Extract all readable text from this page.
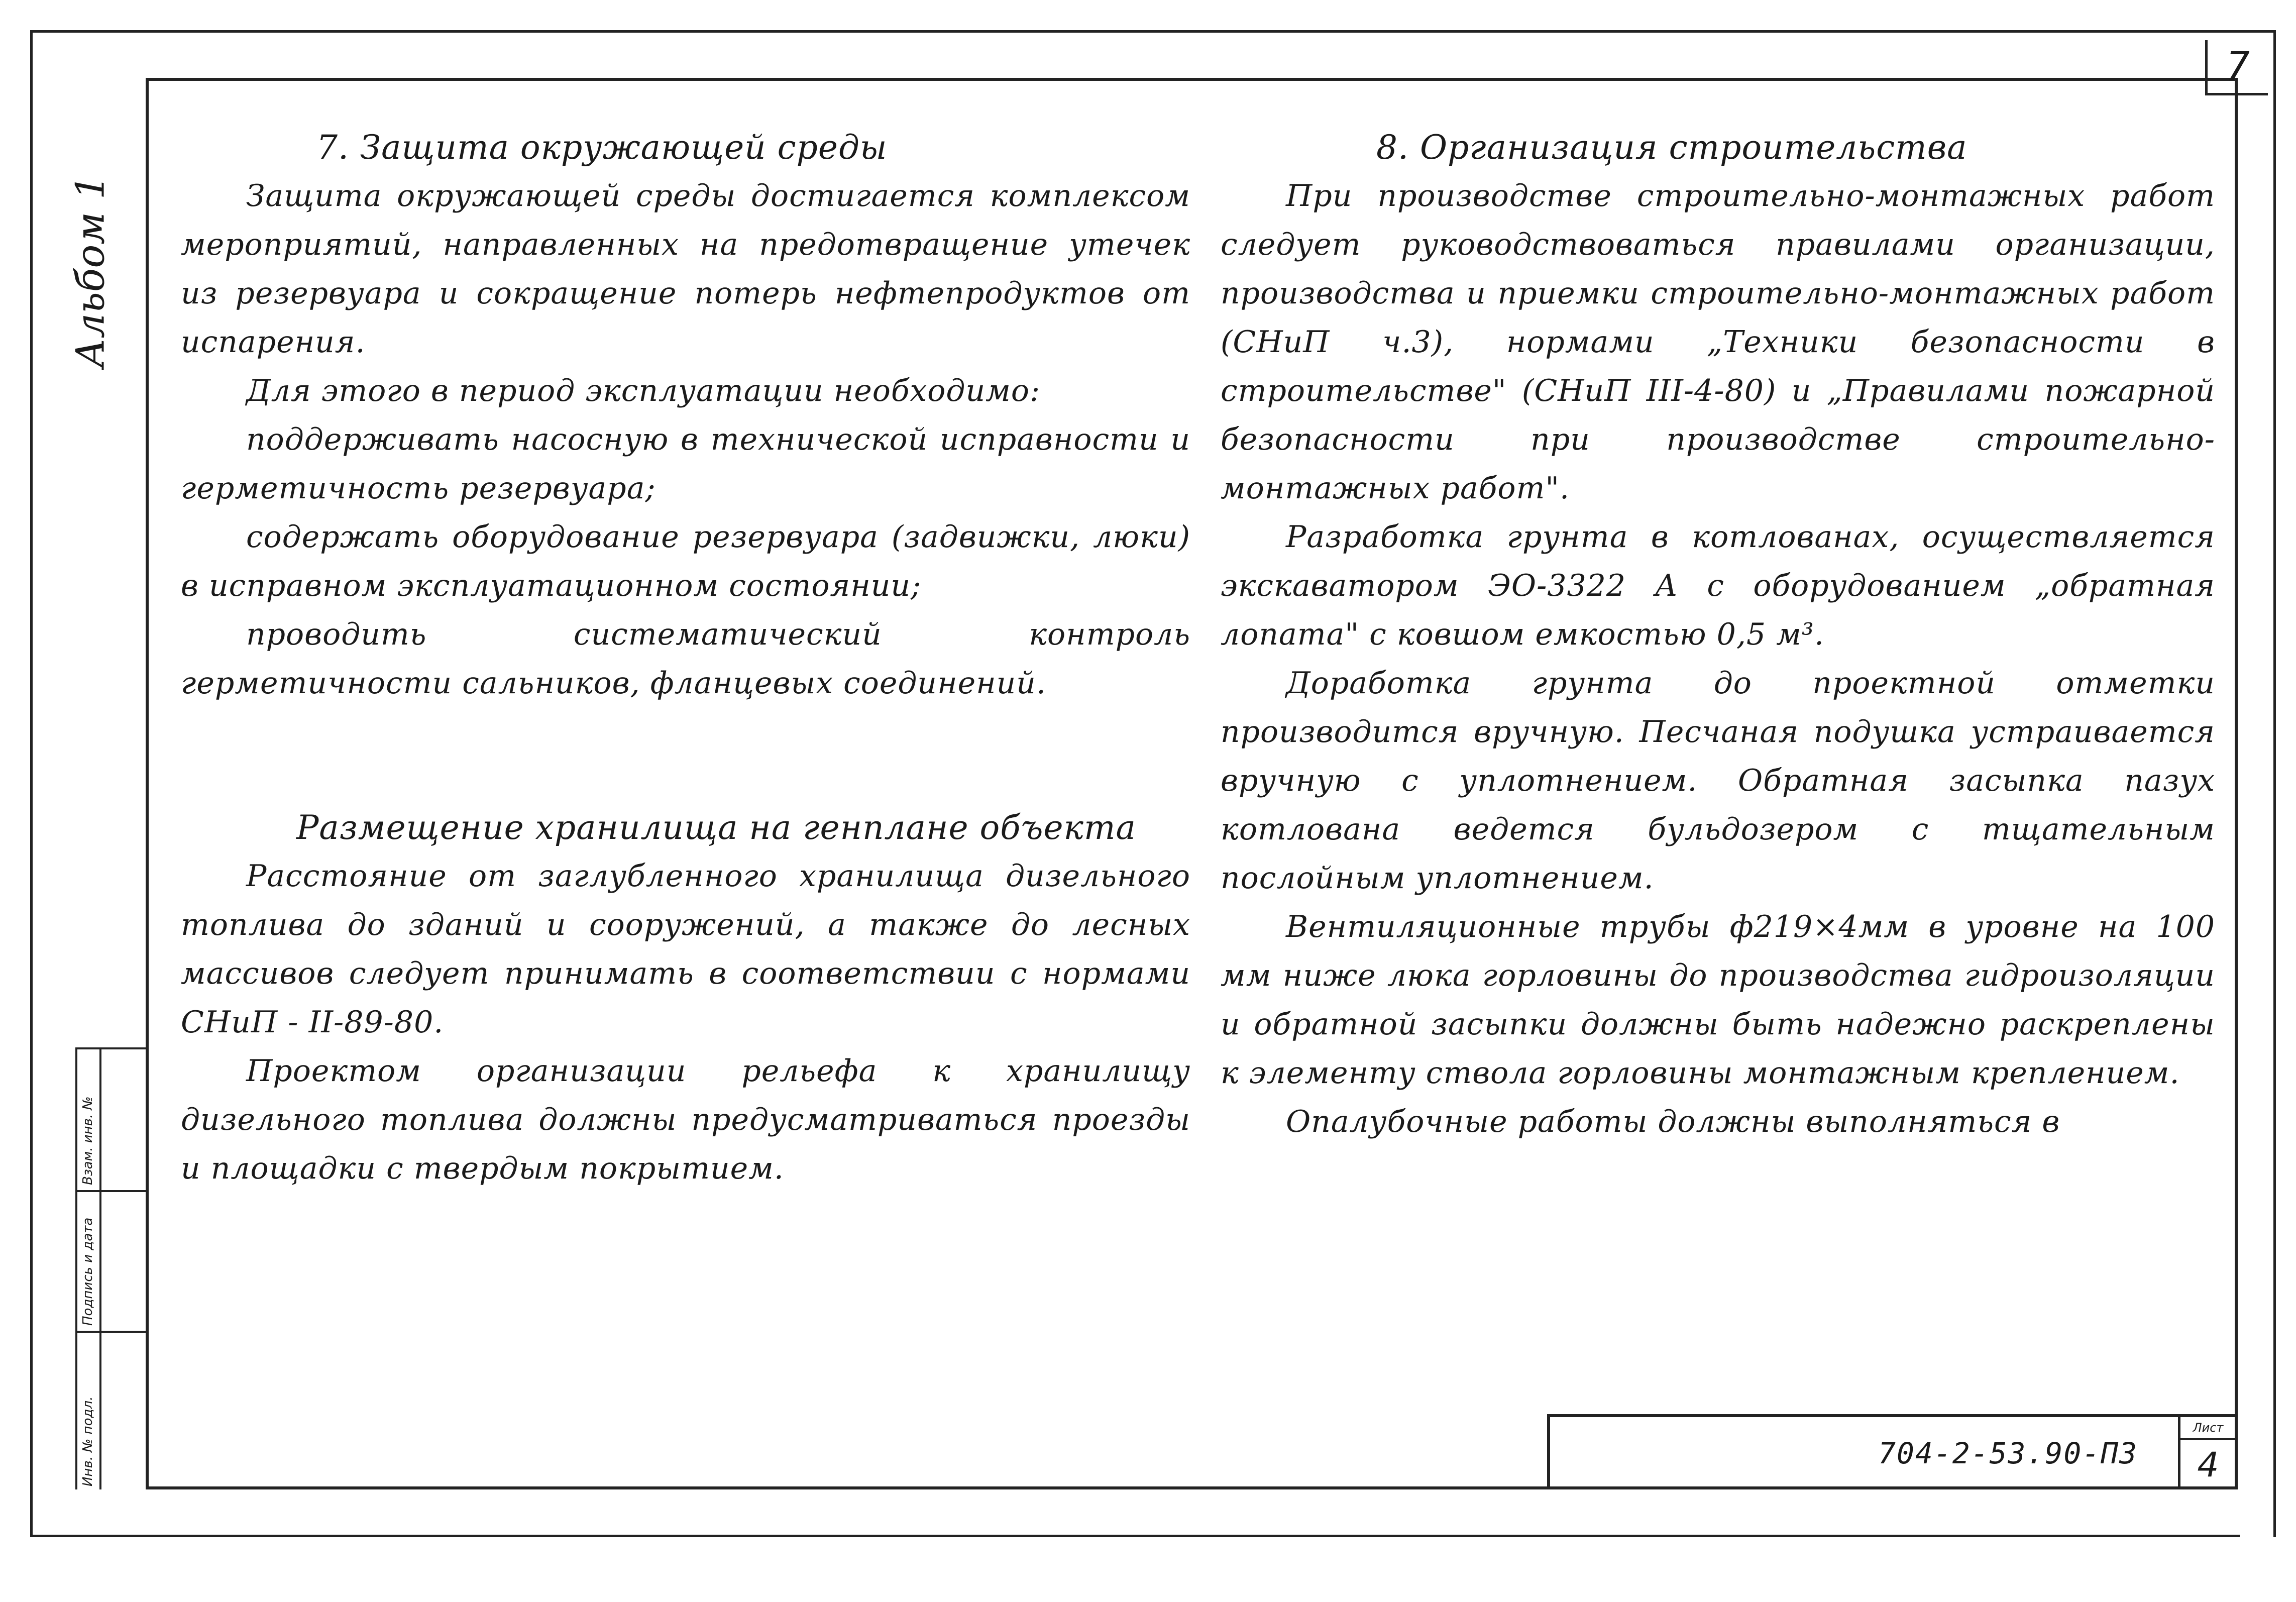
7
Альбом 1
Взам. инв. №
Подпись и дата
Инв. № подл.
7. Защита окружающей среды

Защита окружающей среды достигается комплексом мероприятий, направленных на предотвращение утечек из резервуара и сокращение потерь нефтепродуктов от испарения.

Для этого в период эксплуатации необходимо:

поддерживать насосную в технической исправности и герметичность резервуара;

содержать оборудование резервуара (задвижки, люки) в исправном эксплуатационном состоянии;

проводить систематический контроль герметичности сальников, фланцевых соединений.

Размещение хранилища на генплане объекта

Расстояние от заглубленного хранилища дизельного топлива до зданий и сооружений, а также до лесных массивов следует принимать в соответствии с нормами СНиП - II-89-80.

Проектом организации рельефа к хранилищу дизельного топлива должны предусматриваться проезды и площадки с твердым покрытием.

8. Организация строительства

При производстве строительно-монтажных работ следует руководствоваться правилами организации, производства и приемки строительно-монтажных работ (СНиП ч.3), нормами „Техники безопасности в строительстве" (СНиП III-4-80) и „Правилами пожарной безопасности при производстве строительно-монтажных работ".

Разработка грунта в котлованах, осуществляется экскаватором ЭО-3322 А с оборудованием „обратная лопата" с ковшом емкостью 0,5 м³.

Доработка грунта до проектной отметки производится вручную. Песчаная подушка устраивается вручную с уплотнением. Обратная засыпка пазух котлована ведется бульдозером с тщательным послойным уплотнением.

Вентиляционные трубы ф219×4мм в уровне на 100 мм ниже люка горловины до производства гидроизоляции и обратной засыпки должны быть надежно раскреплены к элементу ствола горловины монтажным креплением.

Опалубочные работы должны выполняться в

704-2-53.90-ПЗ
Лист
4
